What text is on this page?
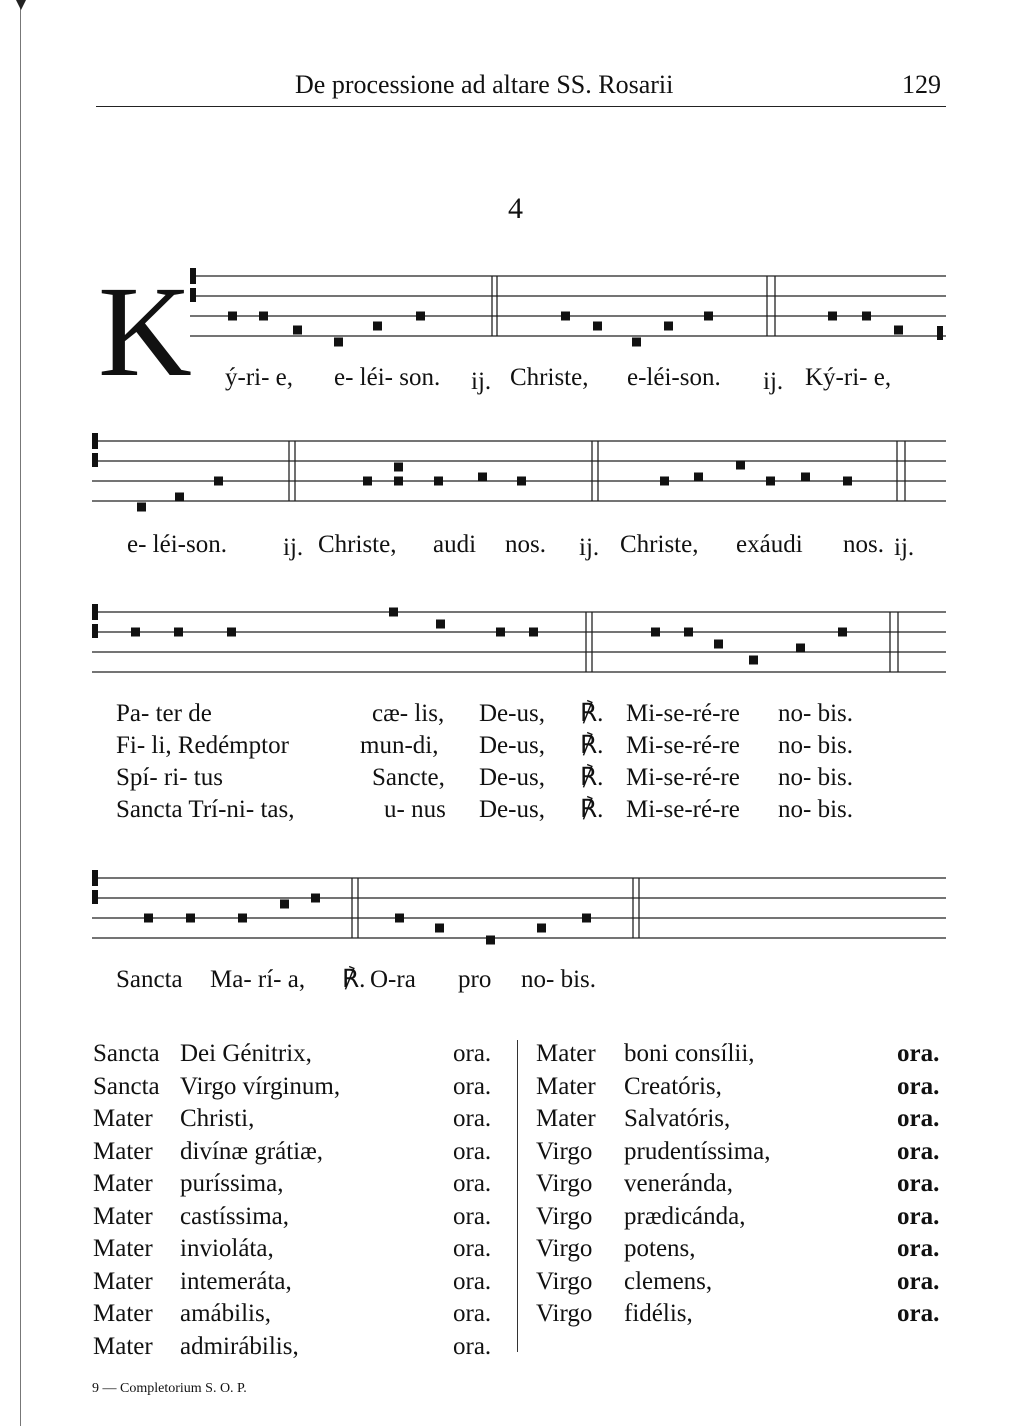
De processione ad altare SS. Rosarii	129
4
K ý-ri- e, e- léi- son. ij. Christe, e-léi-son. ij. Ký-ri- e,
e- léi-son. ij. Christe, audi nos. ij. Christe, exáudi nos. ij.
Pa- ter de	cæ- lis, De-us, ℟. Mi-se-ré-re no- bis.
Fi- li, Redémptor	mun-di, De-us, ℟. Mi-se-ré-re no- bis.
Spí- ri- tus	Sancte, De-us, ℟. Mi-se-ré-re no- bis.
Sancta Trí-ni- tas,	u- nus De-us, ℟. Mi-se-ré-re no- bis.
Sancta Ma- rí- a, ℟. O-ra pro no- bis.
Sancta Dei Génitrix,	ora.
Sancta Virgo vírginum,	ora.
Mater Christi,	ora.
Mater divínæ grátiæ,	ora.
Mater puríssima,	ora.
Mater castíssima,	ora.
Mater invioláta,	ora.
Mater intemeráta,	ora.
Mater amábilis,	ora.
Mater admirábilis,	ora.
Mater boni consílii,	ora.
Mater Creatóris,	ora.
Mater Salvatóris,	ora.
Virgo prudentíssima,	ora.
Virgo veneránda,	ora.
Virgo prædicánda,	ora.
Virgo potens,	ora.
Virgo clemens,	ora.
Virgo fidélis,	ora.
9 — Completorium S. O. P.
